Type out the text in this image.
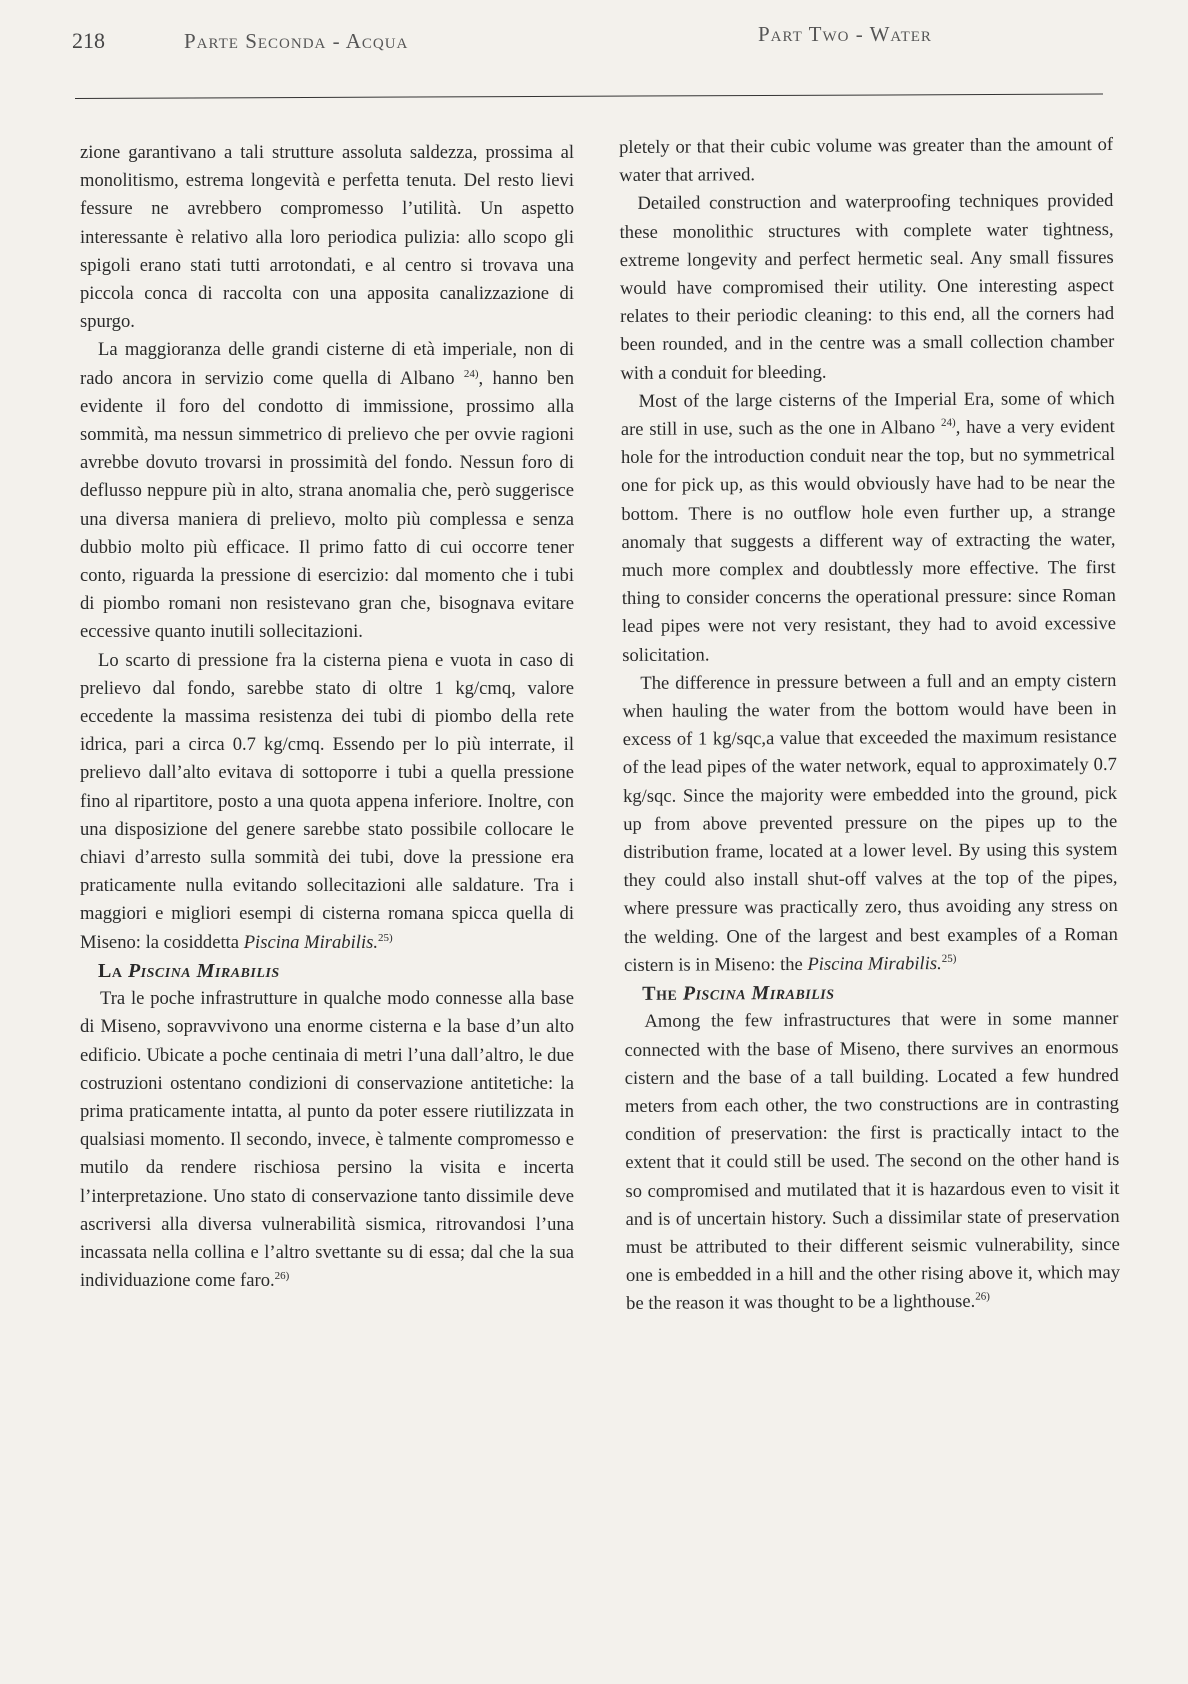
218	Parte Seconda - Acqua	Part Two - Water

zione garantivano a tali strutture assoluta saldezza, prossima al monolitismo, estrema longevità e perfetta tenuta. Del resto lievi fessure ne avrebbero compromesso l’utilità. Un aspetto interessante è relativo alla loro periodica pulizia: allo scopo gli spigoli erano stati tutti arrotondati, e al centro si trovava una piccola conca di raccolta con una apposita canalizzazione di spurgo.

La maggioranza delle grandi cisterne di età imperiale, non di rado ancora in servizio come quella di Albano $^{24)}$, hanno ben evidente il foro del condotto di immissione, prossimo alla sommità, ma nessun simmetrico di prelievo che per ovvie ragioni avrebbe dovuto trovarsi in prossimità del fondo. Nessun foro di deflusso neppure più in alto, strana anomalia che, però suggerisce una diversa maniera di prelievo, molto più complessa e senza dubbio molto più efficace. Il primo fatto di cui occorre tener conto, riguarda la pressione di esercizio: dal momento che i tubi di piombo romani non resistevano gran che, bisognava evitare eccessive quanto inutili sollecitazioni.

Lo scarto di pressione fra la cisterna piena e vuota in caso di prelievo dal fondo, sarebbe stato di oltre 1 kg/cmq, valore eccedente la massima resistenza dei tubi di piombo della rete idrica, pari a circa 0.7 kg/cmq. Essendo per lo più interrate, il prelievo dall’alto evitava di sottoporre i tubi a quella pressione fino al ripartitore, posto a una quota appena inferiore. Inoltre, con una disposizione del genere sarebbe stato possibile collocare le chiavi d’arresto sulla sommità dei tubi, dove la pressione era praticamente nulla evitando sollecitazioni alle saldature. Tra i maggiori e migliori esempi di cisterna romana spicca quella di Miseno: la cosiddetta Piscina Mirabilis.$^{25)}$

La Piscina Mirabilis

Tra le poche infrastrutture in qualche modo connesse alla base di Miseno, sopravvivono una enorme cisterna e la base d’un alto edificio. Ubicate a poche centinaia di metri l’una dall’altro, le due costruzioni ostentano condizioni di conservazione antitetiche: la prima praticamente intatta, al punto da poter essere riutilizzata in qualsiasi momento. Il secondo, invece, è talmente compromesso e mutilo da rendere rischiosa persino la visita e incerta l’interpretazione. Uno stato di conservazione tanto dissimile deve ascriversi alla diversa vulnerabilità sismica, ritrovandosi l’una incassata nella collina e l’altro svettante su di essa; dal che la sua individuazione come faro.$^{26)}$

pletely or that their cubic volume was greater than the amount of water that arrived.

Detailed construction and waterproofing techniques provided these monolithic structures with complete water tightness, extreme longevity and perfect hermetic seal. Any small fissures would have compromised their utility. One interesting aspect relates to their periodic cleaning: to this end, all the corners had been rounded, and in the centre was a small collection chamber with a conduit for bleeding.

Most of the large cisterns of the Imperial Era, some of which are still in use, such as the one in Albano $^{24)}$, have a very evident hole for the introduction conduit near the top, but no symmetrical one for pick up, as this would obviously have had to be near the bottom. There is no outflow hole even further up, a strange anomaly that suggests a different way of extracting the water, much more complex and doubtlessly more effective. The first thing to consider concerns the operational pressure: since Roman lead pipes were not very resistant, they had to avoid excessive solicitation.

The difference in pressure between a full and an empty cistern when hauling the water from the bottom would have been in excess of 1 kg/sqc,a value that exceeded the maximum resistance of the lead pipes of the water network, equal to approximately 0.7 kg/sqc. Since the majority were embedded into the ground, pick up from above prevented pressure on the pipes up to the distribution frame, located at a lower level. By using this system they could also install shut-off valves at the top of the pipes, where pressure was practically zero, thus avoiding any stress on the welding. One of the largest and best examples of a Roman cistern is in Miseno: the Piscina Mirabilis.$^{25)}$

The Piscina Mirabilis

Among the few infrastructures that were in some manner connected with the base of Miseno, there survives an enormous cistern and the base of a tall building. Located a few hundred meters from each other, the two constructions are in contrasting condition of preservation: the first is practically intact to the extent that it could still be used. The second on the other hand is so compromised and mutilated that it is hazardous even to visit it and is of uncertain history. Such a dissimilar state of preservation must be attributed to their different seismic vulnerability, since one is embedded in a hill and the other rising above it, which may be the reason it was thought to be a lighthouse.$^{26)}$
